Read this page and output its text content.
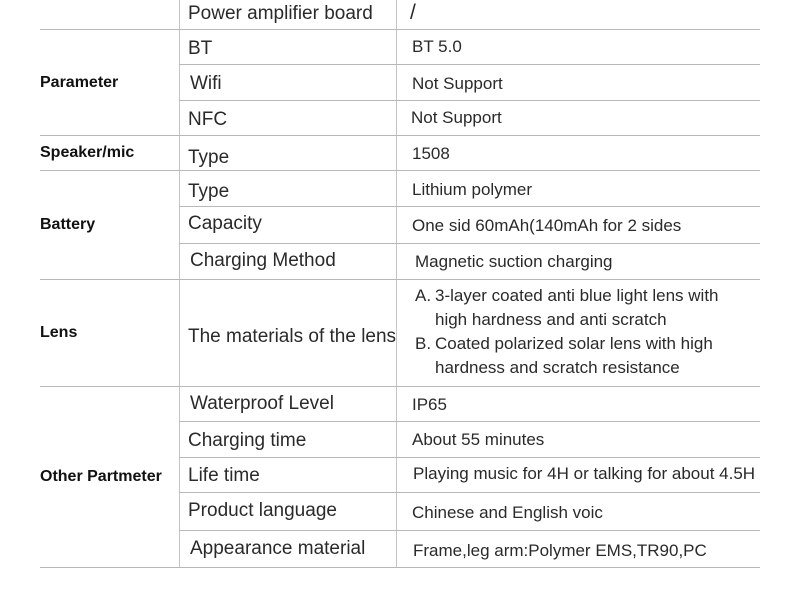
Parameter
Speaker/mic
Battery
Lens
Other Partmeter
Power amplifier board
BT
Wifi
NFC
Type
Type
Capacity
Charging Method
The materials of the lens
Waterproof Level
Charging time
Life time
Product language
Appearance material
/
BT 5.0
Not Support
Not Support
1508
Lithium polymer
One sid 60mAh(140mAh for 2 sides
Magnetic suction charging
IP65
About 55 minutes
Playing music for 4H or talking for about 4.5H
Chinese and English voic
Frame,leg arm:Polymer EMS,TR90,PC
A. 3-layer coated anti blue light lens with
high hardness and anti scratch
B. Coated polarized solar lens with high
hardness and scratch resistance
